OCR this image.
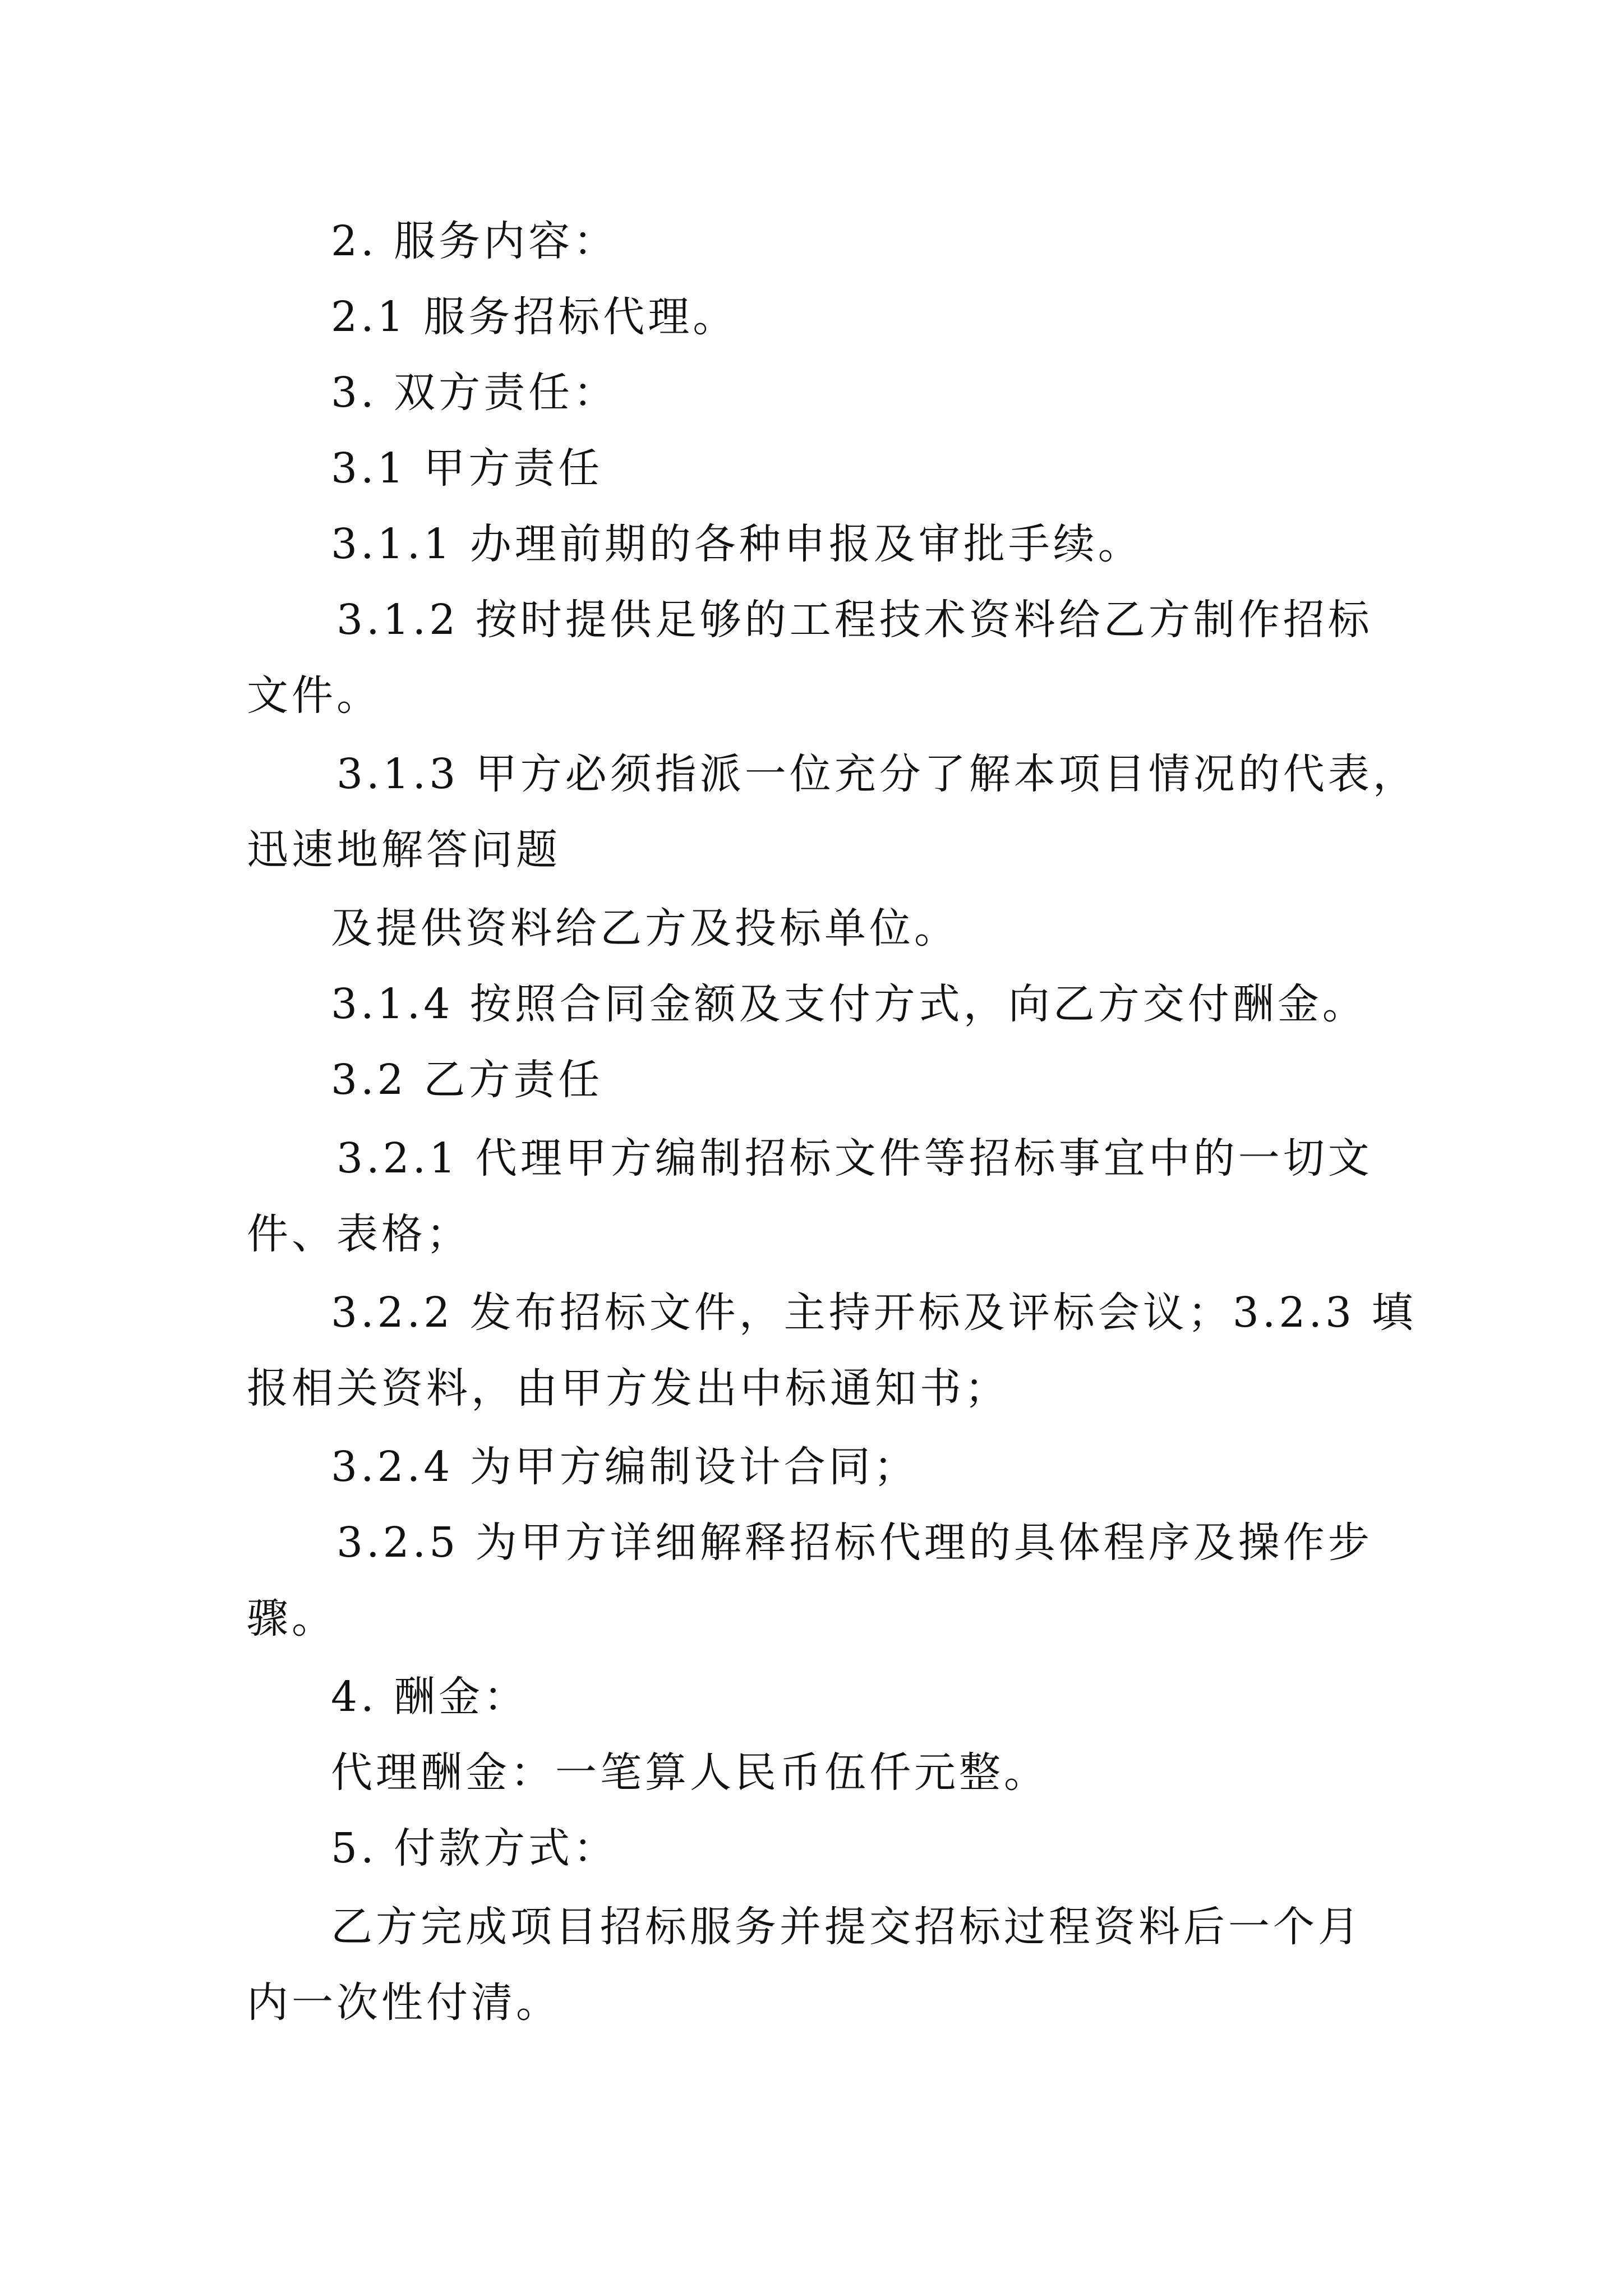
2. 服务内容：
2.1 服务招标代理。
3. 双方责任：
3.1 甲方责任
3.1.1 办理前期的各种申报及审批手续。
3.1.2 按时提供足够的工程技术资料给乙方制作招标
文件。
3.1.3 甲方必须指派一位充分了解本项目情况的代表，
迅速地解答问题
及提供资料给乙方及投标单位。
3.1.4 按照合同金额及支付方式，向乙方交付酬金。
3.2 乙方责任
3.2.1 代理甲方编制招标文件等招标事宜中的一切文
件、表格；
3.2.2 发布招标文件，主持开标及评标会议；3.2.3 填
报相关资料，由甲方发出中标通知书；
3.2.4 为甲方编制设计合同；
3.2.5 为甲方详细解释招标代理的具体程序及操作步
骤。
4. 酬金：
代理酬金：一笔算人民币伍仟元整。
5. 付款方式：
乙方完成项目招标服务并提交招标过程资料后一个月
内一次性付清。
